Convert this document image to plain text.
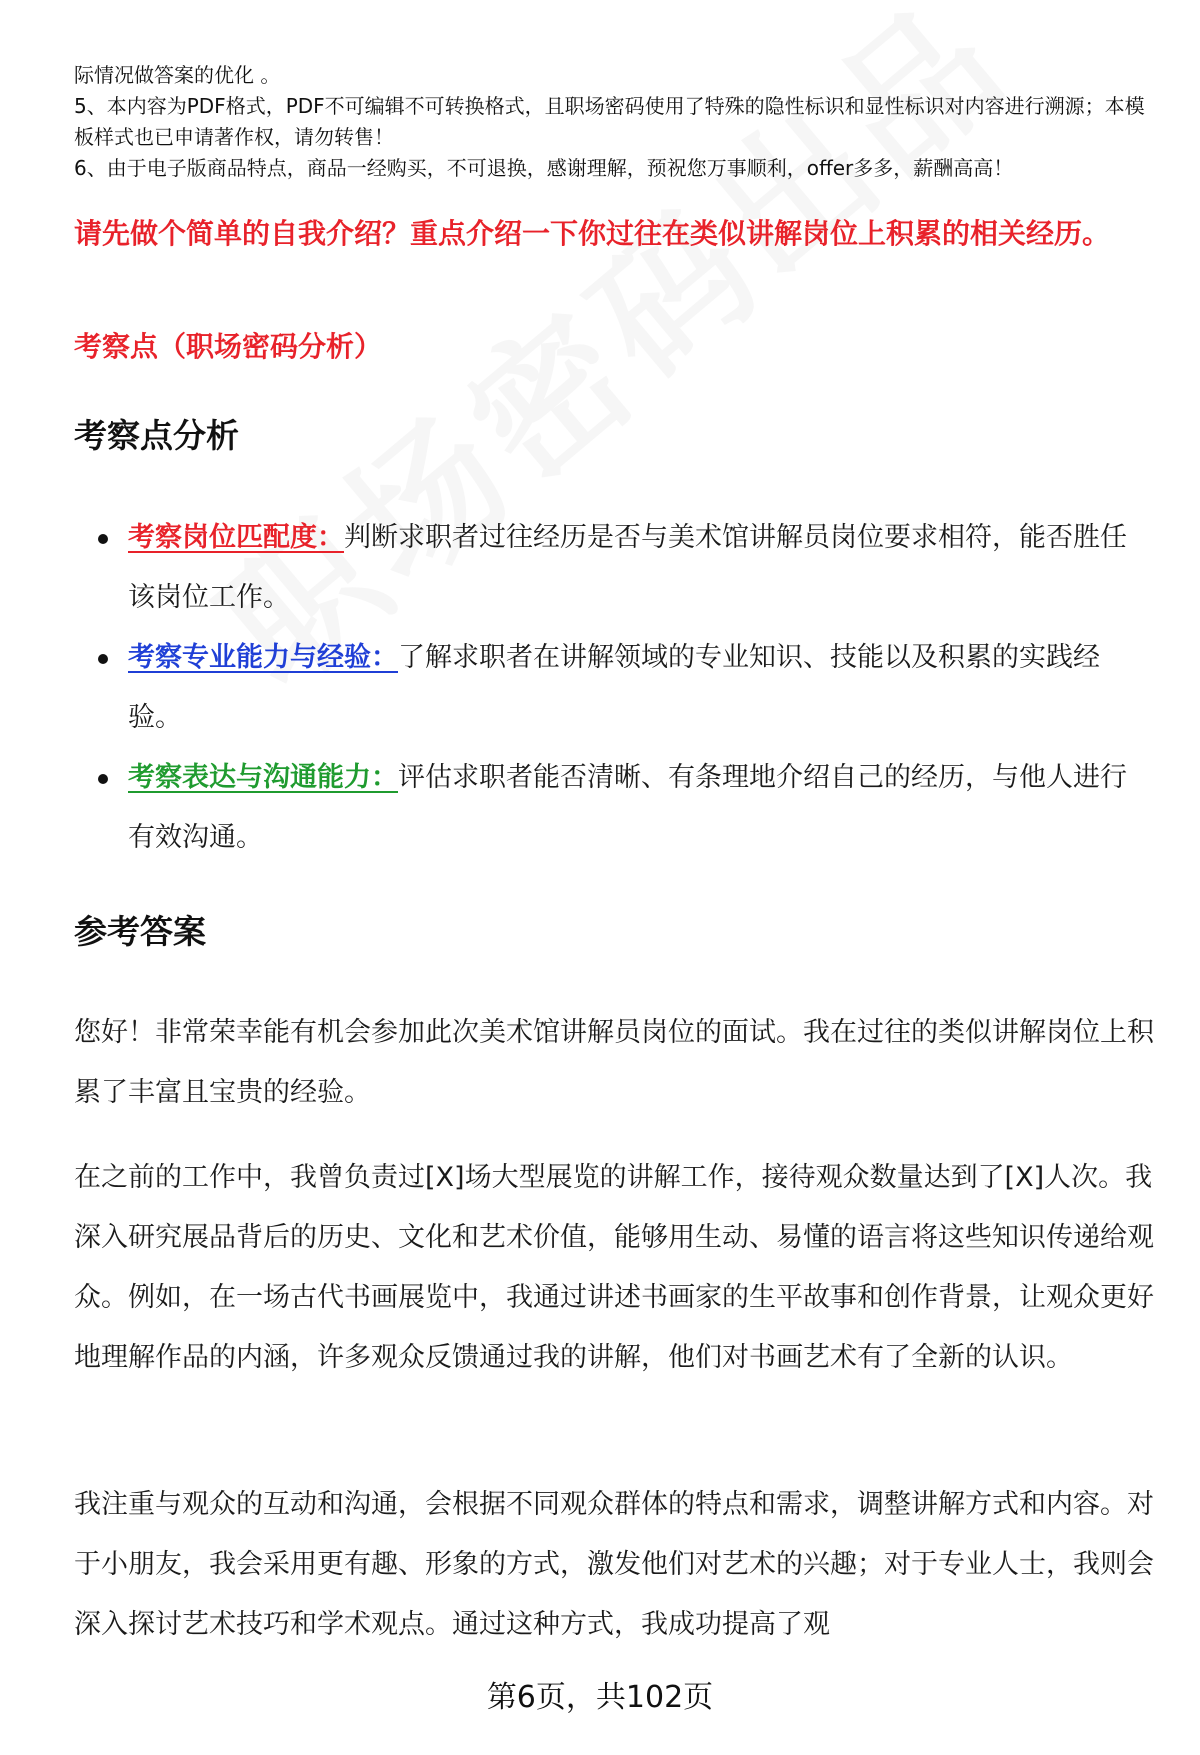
际情况做答案的优化 。

5、本内容为PDF格式，PDF不可编辑不可转换格式，且职场密码使用了特殊的隐性标识和显性标识对内容进行溯源；本模板样式也已申请著作权，请勿转售！

6、由于电子版商品特点，商品一经购买，不可退换，感谢理解，预祝您万事顺利，offer多多，薪酬高高！

请先做个简单的自我介绍？重点介绍一下你过往在类似讲解岗位上积累的相关经历。
考察点（职场密码分析）
考察点分析
考察岗位匹配度：判断求职者过往经历是否与美术馆讲解员岗位要求相符，能否胜任该岗位工作。
考察专业能力与经验：了解求职者在讲解领域的专业知识、技能以及积累的实践经验。
考察表达与沟通能力：评估求职者能否清晰、有条理地介绍自己的经历，与他人进行有效沟通。
参考答案

您好！非常荣幸能有机会参加此次美术馆讲解员岗位的面试。我在过往的类似讲解岗位上积累了丰富且宝贵的经验。

在之前的工作中，我曾负责过[X]场大型展览的讲解工作，接待观众数量达到了[X]人次。我深入研究展品背后的历史、文化和艺术价值，能够用生动、易懂的语言将这些知识传递给观众。例如，在一场古代书画展览中，我通过讲述书画家的生平故事和创作背景，让观众更好地理解作品的内涵，许多观众反馈通过我的讲解，他们对书画艺术有了全新的认识。

我注重与观众的互动和沟通，会根据不同观众群体的特点和需求，调整讲解方式和内容。对于小朋友，我会采用更有趣、形象的方式，激发他们对艺术的兴趣；对于专业人士，我则会深入探讨艺术技巧和学术观点。通过这种方式，我成功提高了观

第6页，共102页
